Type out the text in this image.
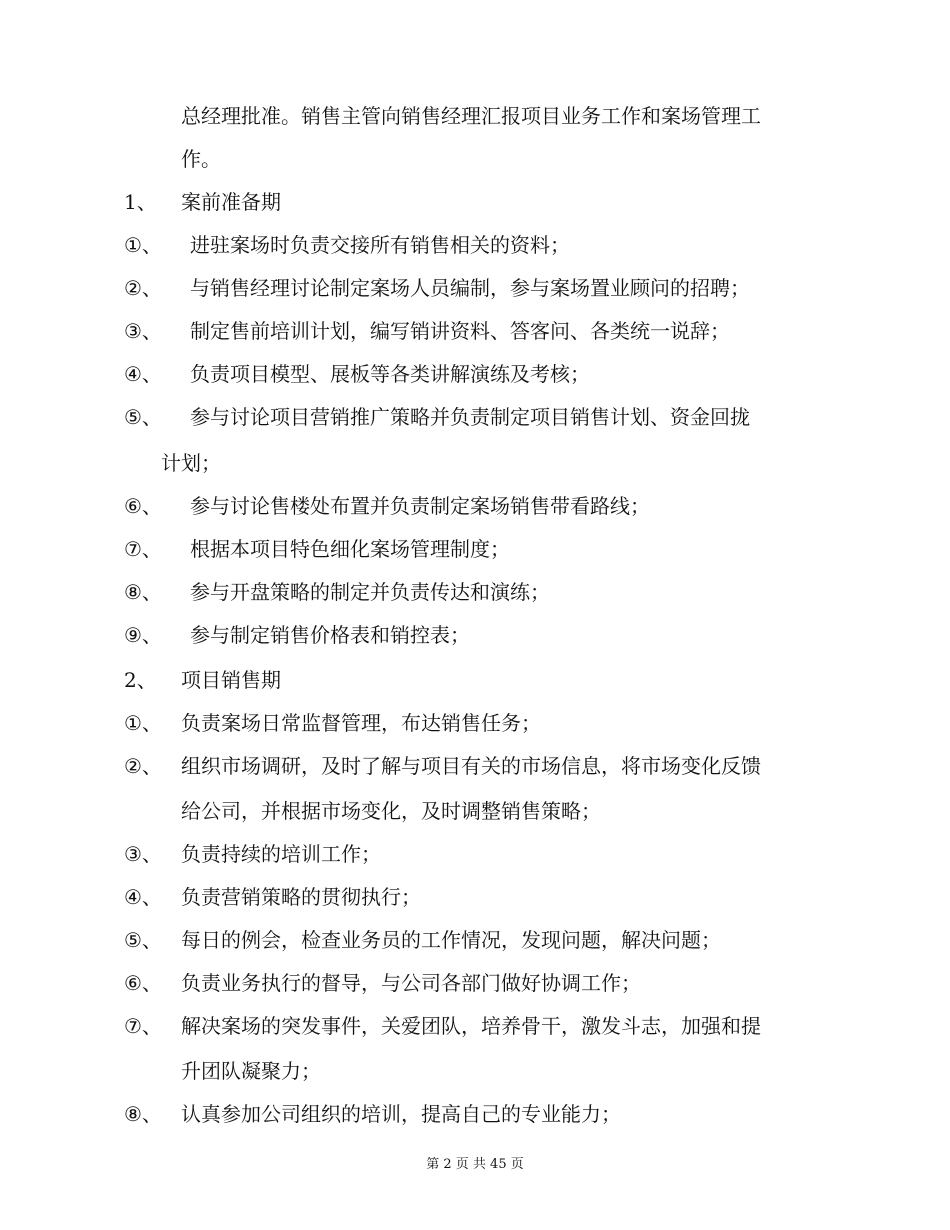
总经理批准。销售主管向销售经理汇报项目业务工作和案场管理工
作。
1、 案前准备期
①、 进驻案场时负责交接所有销售相关的资料；
②、 与销售经理讨论制定案场人员编制，参与案场置业顾问的招聘；
③、 制定售前培训计划，编写销讲资料、答客问、各类统一说辞；
④、 负责项目模型、展板等各类讲解演练及考核；
⑤、 参与讨论项目营销推广策略并负责制定项目销售计划、资金回拢
计划；
⑥、 参与讨论售楼处布置并负责制定案场销售带看路线；
⑦、 根据本项目特色细化案场管理制度；
⑧、 参与开盘策略的制定并负责传达和演练；
⑨、 参与制定销售价格表和销控表；
2、 项目销售期
①、 负责案场日常监督管理，布达销售任务；
②、 组织市场调研，及时了解与项目有关的市场信息，将市场变化反馈
给公司，并根据市场变化，及时调整销售策略；
③、 负责持续的培训工作；
④、 负责营销策略的贯彻执行；
⑤、 每日的例会，检查业务员的工作情况，发现问题，解决问题；
⑥、 负责业务执行的督导，与公司各部门做好协调工作；
⑦、 解决案场的突发事件，关爱团队，培养骨干，激发斗志，加强和提
升团队凝聚力；
⑧、 认真参加公司组织的培训，提高自己的专业能力；
第 2 页 共 45 页
